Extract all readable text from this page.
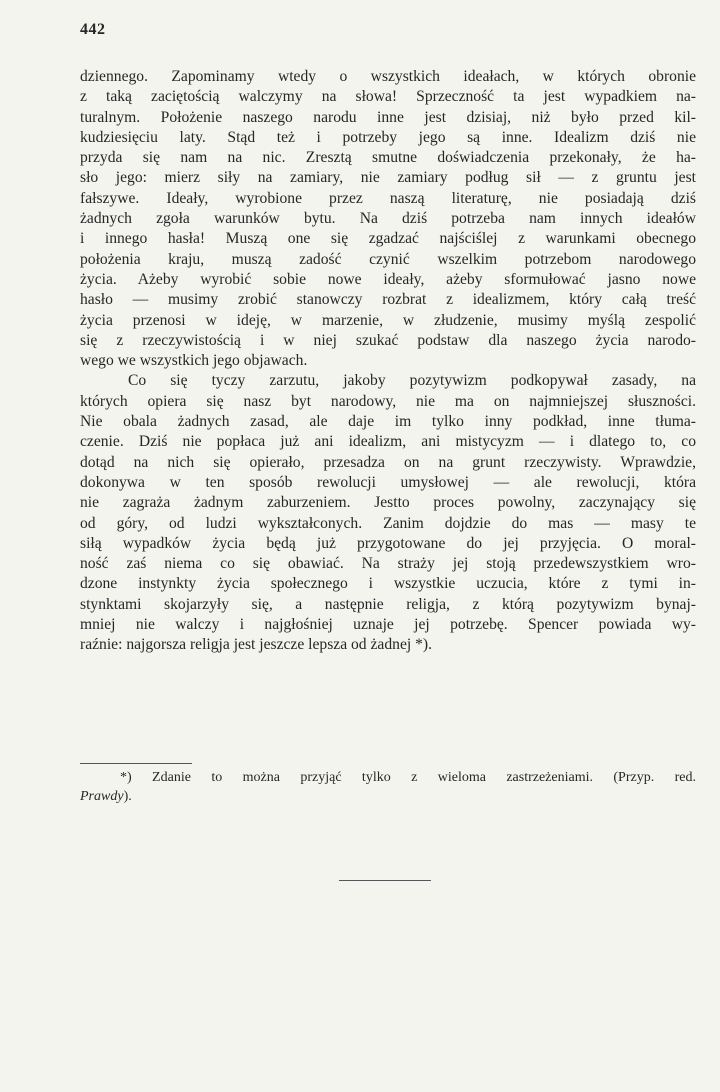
442
dziennego. Zapominamy wtedy o wszystkich ideałach, w których obronie
z taką zaciętością walczymy na słowa! Sprzeczność ta jest wypadkiem na-
turalnym. Położenie naszego narodu inne jest dzisiaj, niż było przed kil-
kudziesięciu laty. Stąd też i potrzeby jego są inne. Idealizm dziś nie
przyda się nam na nic. Zresztą smutne doświadczenia przekonały, że ha-
sło jego: mierz siły na zamiary, nie zamiary podług sił — z gruntu jest
fałszywe. Ideały, wyrobione przez naszą literaturę, nie posiadają dziś
żadnych zgoła warunków bytu. Na dziś potrzeba nam innych ideałów
i innego hasła! Muszą one się zgadzać najściślej z warunkami obecnego
położenia kraju, muszą zadość czynić wszelkim potrzebom narodowego
życia. Ażeby wyrobić sobie nowe ideały, ażeby sformułować jasno nowe
hasło — musimy zrobić stanowczy rozbrat z idealizmem, który całą treść
życia przenosi w ideję, w marzenie, w złudzenie, musimy myślą zespolić
się z rzeczywistością i w niej szukać podstaw dla naszego życia narodo-
wego we wszystkich jego objawach.
Co się tyczy zarzutu, jakoby pozytywizm podkopywał zasady, na
których opiera się nasz byt narodowy, nie ma on najmniejszej słuszności.
Nie obala żadnych zasad, ale daje im tylko inny podkład, inne tłuma-
czenie. Dziś nie popłaca już ani idealizm, ani mistycyzm — i dlatego to, co
dotąd na nich się opierało, przesadza on na grunt rzeczywisty. Wprawdzie,
dokonywa w ten sposób rewolucji umysłowej — ale rewolucji, która
nie zagraża żadnym zaburzeniem. Jestto proces powolny, zaczynający się
od góry, od ludzi wykształconych. Zanim dojdzie do mas — masy te
siłą wypadków życia będą już przygotowane do jej przyjęcia. O moral-
ność zaś niema co się obawiać. Na straży jej stoją przedewszystkiem wro-
dzone instynkty życia społecznego i wszystkie uczucia, które z tymi in-
stynktami skojarzyły się, a następnie religja, z którą pozytywizm bynaj-
mniej nie walczy i najgłośniej uznaje jej potrzebę. Spencer powiada wy-
raźnie: najgorsza religja jest jeszcze lepsza od żadnej *).
*) Zdanie to można przyjąć tylko z wieloma zastrzeżeniami. (Przyp. red.
Prawdy).
